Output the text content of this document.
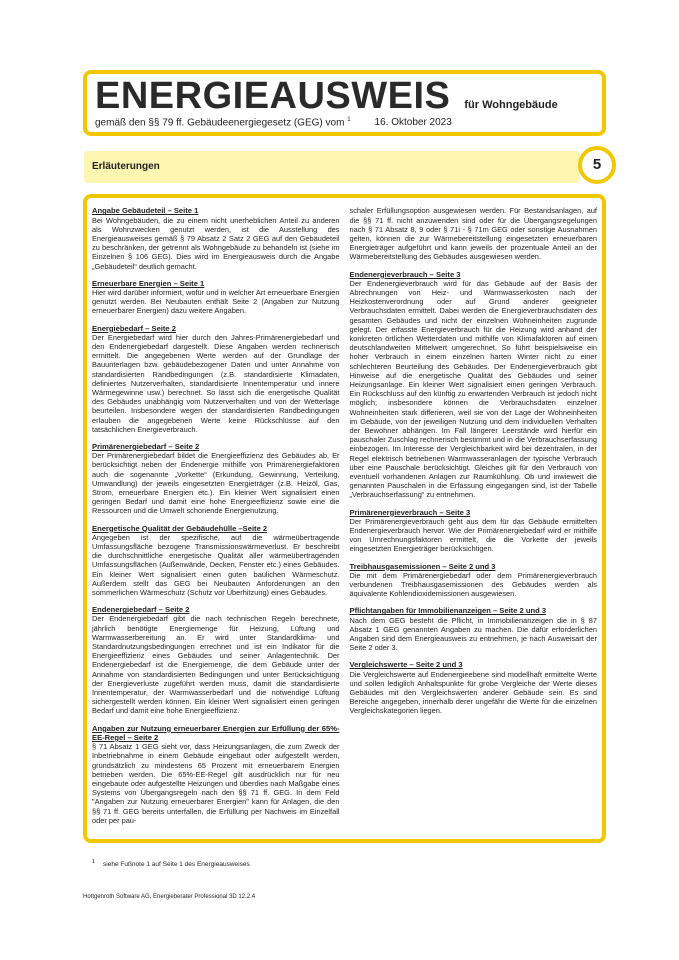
ENERGIEAUSWEIS für Wohngebäude
gemäß den §§ 79 ff. Gebäudeenergiegesetz (GEG) vom $^1$ 16. Oktober 2023
Erläuterungen	5
Angabe Gebäudeteil – Seite 1

Bei Wohngebäuden, die zu einem nicht unerheblichen Anteil zu anderen als Wohnzwecken genutzt werden, ist die Ausstellung des Energieausweises gemäß § 79 Absatz 2 Satz 2 GEG auf den Gebäudeteil zu beschränken, der getrennt als Wohngebäude zu behandeln ist (siehe im Einzelnen § 106 GEG). Dies wird im Energieausweis durch die Angabe „Gebäudeteil“ deutlich gemacht.

Erneuerbare Energien – Seite 1

Hier wird darüber informiert, wofür und in welcher Art erneuerbare Energien genutzt werden. Bei Neubauten enthält Seite 2 (Angaben zur Nutzung erneuerbarer Energien) dazu weitere Angaben.

Energiebedarf – Seite 2

Der Energiebedarf wird hier durch den Jahres-Primärenergiebedarf und den Endenergiebedarf dargestellt. Diese Angaben werden rechnerisch ermittelt. Die angegebenen Werte werden auf der Grundlage der Bauunterlagen bzw. gebäudebezogener Daten und unter Annahme von standardisierten Randbedingungen (z.B. standardisierte Klimadaten, definiertes Nutzerverhalten, standardisierte Innentemperatur und innere Wärmegewinne usw.) berechnet. So lässt sich die energetische Qualität des Gebäudes unabhängig vom Nutzerverhalten und von der Wetterlage beurteilen. Insbesondere wegen der standardisierten Randbedingungen erlauben die angegebenen Werte keine Rückschlüsse auf den tatsächlichen Energieverbrauch.

Primärenergiebedarf – Seite 2

Der Primärenergiebedarf bildet die Energieeffizienz des Gebäudes ab. Er berücksichtigt neben der Endenergie mithilfe von Primärenergiefaktoren auch die sogenannte „Vorkette“ (Erkundung, Gewinnung, Verteilung, Umwandlung) der jeweils eingesetzten Energieträger (z.B. Heizöl, Gas, Strom, erneuerbare Energien etc.). Ein kleiner Wert signalisiert einen geringen Bedarf und damit eine hohe Energieeffizienz sowie eine die Ressourcen und die Umwelt schonende Energienutzung.

Energetische Qualität der Gebäudehülle –Seite 2

Angegeben ist der spezifische, auf die wärmeübertragende Umfassungsfläche bezogene Transmissionswärmeverlust. Er beschreibt die durchschnittliche energetische Qualität aller wärmeübertragenden Umfassungsflächen (Außenwände, Decken, Fenster etc.) eines Gebäudes. Ein kleiner Wert signalisiert einen guten baulichen Wärmeschutz. Außerdem stellt das GEG bei Neubauten Anforderungen an den sommerlichen Wärmeschutz (Schutz vor Überhitzung) eines Gebäudes.

Endenergiebedarf – Seite 2

Der Endenergiebedarf gibt die nach technischen Regeln berechnete, jährlich benötigte Energiemenge für Heizung, Lüftung und Warmwasserbereitung an. Er wird unter Standardklima- und Standardnutzungsbedingungen errechnet und ist ein Indikator für die Energieeffizienz eines Gebäudes und seiner Anlagentechnik. Der Endenergiebedarf ist die Energiemenge, die dem Gebäude unter der Annahme von standardisierten Bedingungen und unter Berücksichtigung der Energieverluste zugeführt werden muss, damit die standardisierte Innentemperatur, der Warmwasserbedarf und die notwendige Lüftung sichergestellt werden können. Ein kleiner Wert signalisiert einen geringen Bedarf und damit eine hohe Energieeffizienz.

Angaben zur Nutzung erneuerbarer Energien zur Erfüllung der 65%-EE-Regel – Seite 2

§ 71 Absatz 1 GEG sieht vor, dass Heizungsanlagen, die zum Zweck der Inbetriebnahme in einem Gebäude eingebaut oder aufgestellt werden, grundsätzlich zu mindestens 65 Prozent mit erneuerbarem Energien betrieben werden. Die 65%-EE-Regel gilt ausdrücklich nur für neu eingebaute oder aufgestellte Heizungen und überdies nach Maßgabe eines Systems von Übergangsregeln nach den §§ 71 ff. GEG. In dem Feld "Angaben zur Nutzung erneuerbarer Energien" kann für Anlagen, die den §§ 71 ff. GEG bereits unterfallen, die Erfüllung per Nachweis im Einzelfall oder per pau-

schaler Erfüllungsoption ausgewiesen werden. Für Bestandsanlagen, auf die §§ 71 ff. nicht anzuwenden sind oder für die Übergangsregelungen nach § 71 Absatz 8, 9 oder § 71i - § 71m GEG oder sonstige Ausnahmen gelten, können die zur Wärmebereitstellung eingesetzten erneuerbaren Energieträger aufgeführt und kann jeweils der prozentuale Anteil an der Wärmebereitstellung des Gebäudes ausgewiesen werden.

Endenergieverbrauch – Seite 3

Der Endenergieverbrauch wird für das Gebäude auf der Basis der Abrechnungen von Heiz- und Warmwasserkosten nach der Heizkostenverordnung oder auf Grund anderer geeigneter Verbrauchsdaten ermittelt. Dabei werden die Energieverbrauchsdaten des gesamten Gebäudes und nicht der einzelnen Wohneinheiten zugrunde gelegt. Der erfasste Energieverbrauch für die Heizung wird anhand der konkreten örtlichen Wetterdaten und mithilfe von Klimafaktoren auf einen deutschlandweiten Mittelwert umgerechnet. So führt beispielsweise ein hoher Verbrauch in einem einzelnen harten Winter nicht zu einer schlechteren Beurteilung des Gebäudes. Der Endenergieverbrauch gibt Hinweise auf die energetische Qualität des Gebäudes und seiner Heizungsanlage. Ein kleiner Wert signalisiert einen geringen Verbrauch. Ein Rückschluss auf den künftig zu erwartenden Verbrauch ist jedoch nicht möglich; insbesondere können die Verbrauchsdaten einzelner Wohneinheiten stark differieren, weil sie von der Lage der Wohneinheiten im Gebäude, von der jeweiligen Nutzung und dem individuellen Verhalten der Bewohner abhängen. Im Fall längerer Leerstände wird hierfür ein pauschaler Zuschlag rechnerisch bestimmt und in die Verbrauchserfassung einbezogen. Im Interesse der Vergleichbarkeit wird bei dezentralen, in der Regel elektrisch betriebenen Warmwasseranlagen der typische Verbrauch über eine Pauschale berücksichtigt. Gleiches gilt für den Verbrauch von eventuell vorhandenen Anlagen zur Raumkühlung. Ob und inwieweit die genannten Pauschalen in die Erfassung eingegangen sind, ist der Tabelle „Verbrauchserfassung“ zu entnehmen.

Primärenergieverbrauch – Seite 3

Der Primärenergieverbrauch geht aus dem für das Gebäude ermittelten Endenergieverbrauch hervor. Wie der Primärenergiebedarf wird er mithilfe von Umrechnungsfaktoren ermittelt, die die Vorkette der jeweils eingesetzten Energieträger berücksichtigen.

Treibhausgasemissionen – Seite 2 und 3

Die mit dem Primärenergiebedarf oder dem Primärenergieverbrauch verbundenen Treibhausgasemissionen des Gebäudes werden als äquivalente Kohlendioxidemissionen ausgewiesen.

Pflichtangaben für Immobilienanzeigen – Seite 2 und 3

Nach dem GEG besteht die Pflicht, in Immobilienanzeigen die in § 87 Absatz 1 GEG genannten Angaben zu machen. Die dafür erforderlichen Angaben sind dem Energieausweis zu entnehmen, je nach Ausweisart der Seite 2 oder 3.

Vergleichswerte – Seite 2 und 3

Die Vergleichswerte auf Endenergieebene sind modellhaft ermittelte Werte und sollen lediglich Anhaltspunkte für grobe Vergleiche der Werte dieses Gebäudes mit den Vergleichswerten anderer Gebäude sein. Es sind Bereiche angegeben, innerhalb derer ungefähr die Werte für die einzelnen Vergleichskategorien liegen.

$^1$ siehe Fußnote 1 auf Seite 1 des Energieausweises
Hottgenroth Software AG, Energieberater Professional 3D 12.2.4
